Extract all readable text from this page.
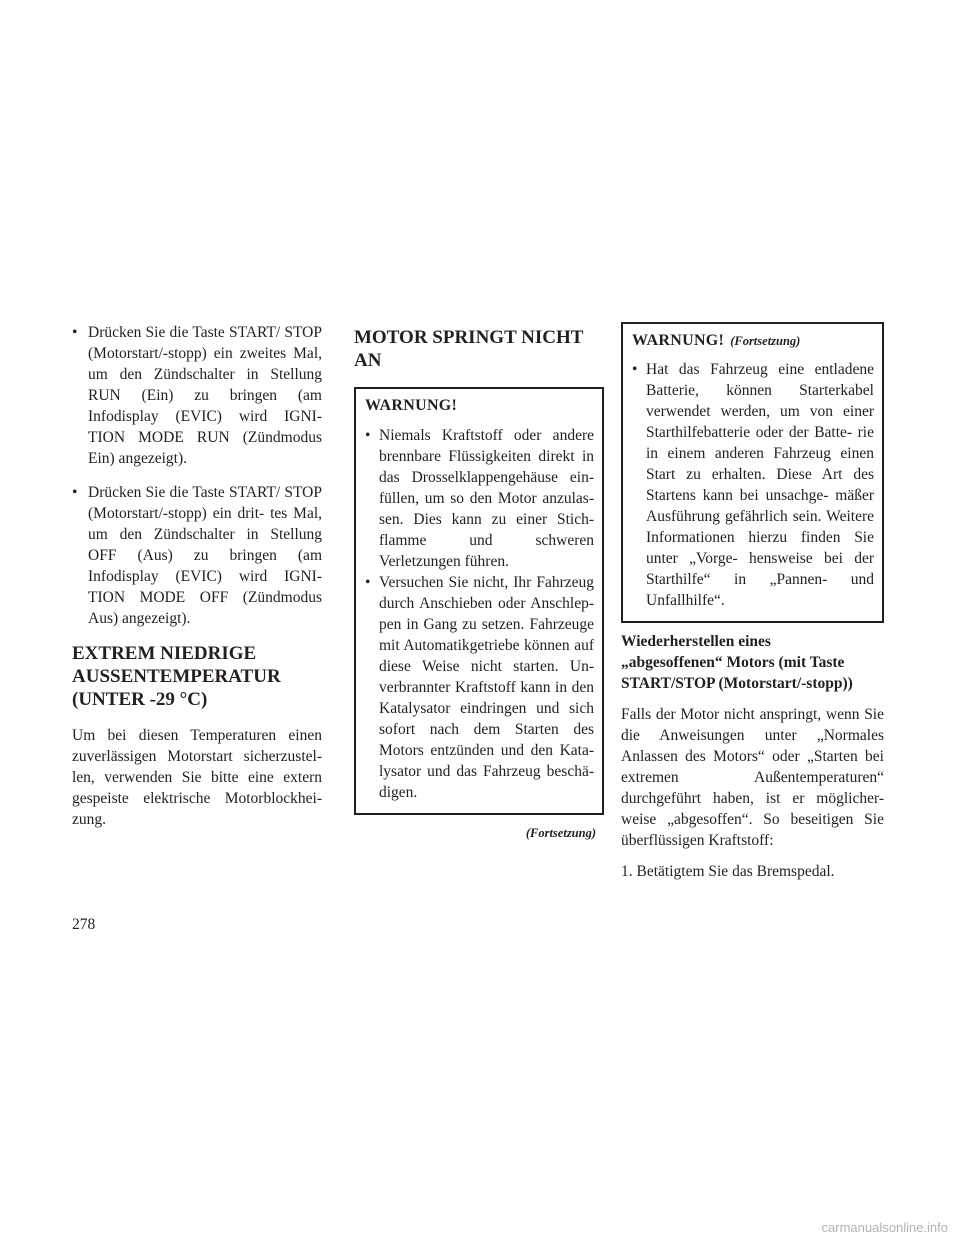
• Drücken Sie die Taste START/ STOP (Motorstart/-stopp) ein zweites Mal, um den Zündschalter in Stellung RUN (Ein) zu bringen (am Infodisplay (EVIC) wird IGNI- TION MODE RUN (Zündmodus Ein) angezeigt).
• Drücken Sie die Taste START/ STOP (Motorstart/-stopp) ein drit- tes Mal, um den Zündschalter in Stellung OFF (Aus) zu bringen (am Infodisplay (EVIC) wird IGNI- TION MODE OFF (Zündmodus Aus) angezeigt).
EXTREM NIEDRIGE
AUSSENTEMPERATUR
(UNTER -29 °C)

Um bei diesen Temperaturen einen zuverlässigen Motorstart sicherzustel- len, verwenden Sie bitte eine extern gespeiste elektrische Motorblockhei- zung.

MOTOR SPRINGT NICHT AN
WARNUNG!
• Niemals Kraftstoff oder andere brennbare Flüssigkeiten direkt in das Drosselklappengehäuse ein- füllen, um so den Motor anzulas- sen. Dies kann zu einer Stich- flamme und schweren Verletzungen führen.
• Versuchen Sie nicht, Ihr Fahrzeug durch Anschieben oder Anschlep- pen in Gang zu setzen. Fahrzeuge mit Automatikgetriebe können auf diese Weise nicht starten. Un- verbrannter Kraftstoff kann in den Katalysator eindringen und sich sofort nach dem Starten des Motors entzünden und den Kata- lysator und das Fahrzeug beschä- digen.
(Fortsetzung)
WARNUNG! (Fortsetzung)
• Hat das Fahrzeug eine entladene Batterie, können Starterkabel verwendet werden, um von einer Starthilfebatterie oder der Batte- rie in einem anderen Fahrzeug einen Start zu erhalten. Diese Art des Startens kann bei unsachge- mäßer Ausführung gefährlich sein. Weitere Informationen hierzu finden Sie unter „Vorge- hensweise bei der Starthilfe“ in „Pannen- und Unfallhilfe“.
Wiederherstellen eines
„abgesoffenen“ Motors (mit Taste
START/STOP (Motorstart/-stopp))

Falls der Motor nicht anspringt, wenn Sie die Anweisungen unter „Normales Anlassen des Motors“ oder „Starten bei extremen Außentemperaturen“ durchgeführt haben, ist er möglicher- weise „abgesoffen“. So beseitigen Sie überflüssigen Kraftstoff:

1. Betätigtem Sie das Bremspedal.
278
carmanualsonline.info
